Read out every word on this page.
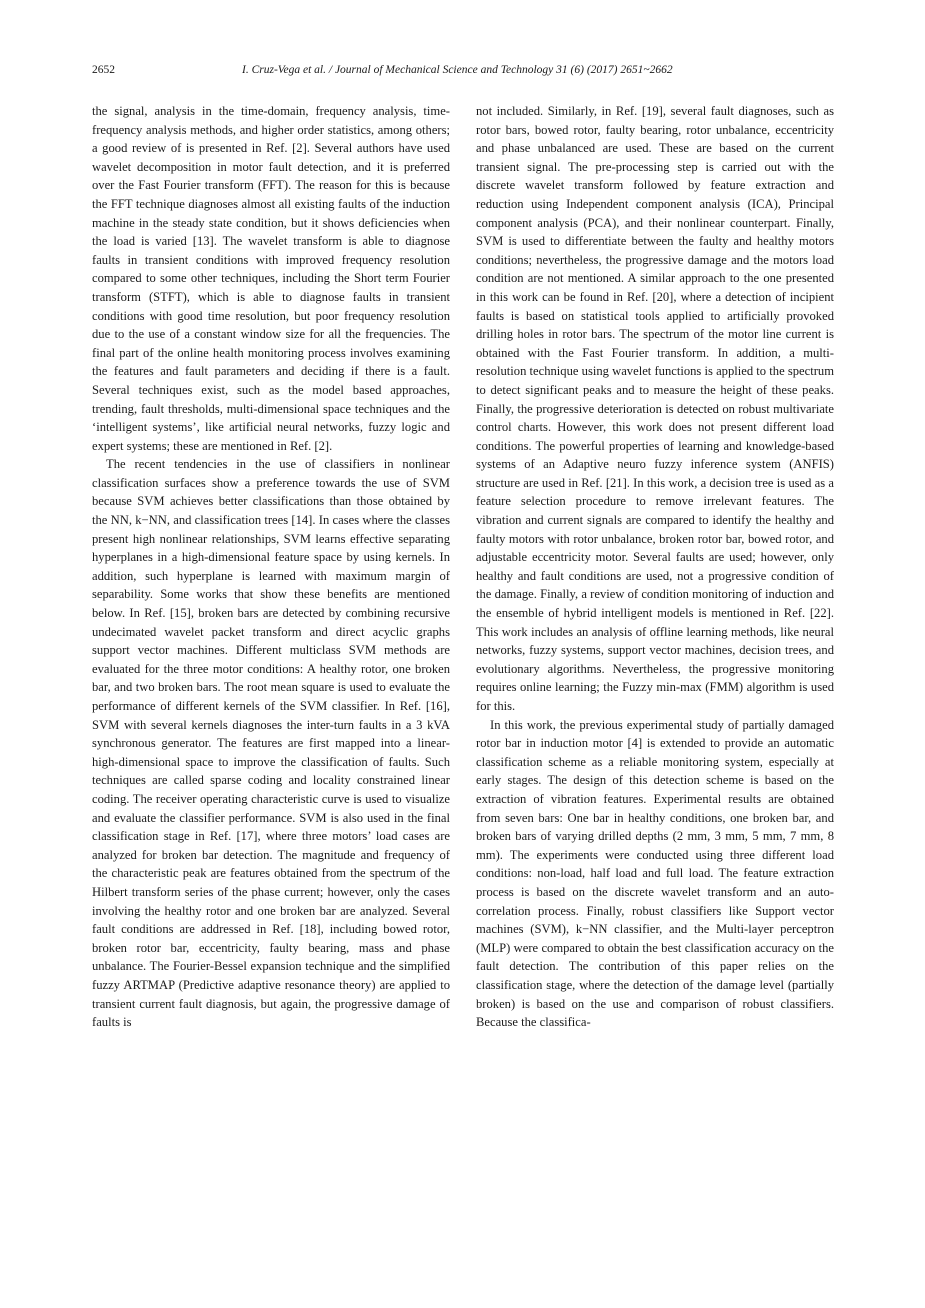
2652	I. Cruz-Vega et al. / Journal of Mechanical Science and Technology 31 (6) (2017) 2651~2662

the signal, analysis in the time-domain, frequency analysis, time-frequency analysis methods, and higher order statistics, among others; a good review of is presented in Ref. [2]. Several authors have used wavelet decomposition in motor fault detection, and it is preferred over the Fast Fourier transform (FFT). The reason for this is because the FFT technique diagnoses almost all existing faults of the induction machine in the steady state condition, but it shows deficiencies when the load is varied [13]. The wavelet transform is able to diagnose faults in transient conditions with improved frequency resolution compared to some other techniques, including the Short term Fourier transform (STFT), which is able to diagnose faults in transient conditions with good time resolution, but poor frequency resolution due to the use of a constant window size for all the frequencies. The final part of the online health monitoring process involves examining the features and fault parameters and deciding if there is a fault. Several techniques exist, such as the model based approaches, trending, fault thresholds, multi-dimensional space techniques and the ‘intelligent systems’, like artificial neural networks, fuzzy logic and expert systems; these are mentioned in Ref. [2].

The recent tendencies in the use of classifiers in nonlinear classification surfaces show a preference towards the use of SVM because SVM achieves better classifications than those obtained by the NN, k−NN, and classification trees [14]. In cases where the classes present high nonlinear relationships, SVM learns effective separating hyperplanes in a high-dimensional feature space by using kernels. In addition, such hyperplane is learned with maximum margin of separability. Some works that show these benefits are mentioned below. In Ref. [15], broken bars are detected by combining recursive undecimated wavelet packet transform and direct acyclic graphs support vector machines. Different multiclass SVM methods are evaluated for the three motor conditions: A healthy rotor, one broken bar, and two broken bars. The root mean square is used to evaluate the performance of different kernels of the SVM classifier. In Ref. [16], SVM with several kernels diagnoses the inter-turn faults in a 3 kVA synchronous generator. The features are first mapped into a linear-high-dimensional space to improve the classification of faults. Such techniques are called sparse coding and locality constrained linear coding. The receiver operating characteristic curve is used to visualize and evaluate the classifier performance. SVM is also used in the final classification stage in Ref. [17], where three motors’ load cases are analyzed for broken bar detection. The magnitude and frequency of the characteristic peak are features obtained from the spectrum of the Hilbert transform series of the phase current; however, only the cases involving the healthy rotor and one broken bar are analyzed. Several fault conditions are addressed in Ref. [18], including bowed rotor, broken rotor bar, eccentricity, faulty bearing, mass and phase unbalance. The Fourier-Bessel expansion technique and the simplified fuzzy ARTMAP (Predictive adaptive resonance theory) are applied to transient current fault diagnosis, but again, the progressive damage of faults is

not included. Similarly, in Ref. [19], several fault diagnoses, such as rotor bars, bowed rotor, faulty bearing, rotor unbalance, eccentricity and phase unbalanced are used. These are based on the current transient signal. The pre-processing step is carried out with the discrete wavelet transform followed by feature extraction and reduction using Independent component analysis (ICA), Principal component analysis (PCA), and their nonlinear counterpart. Finally, SVM is used to differentiate between the faulty and healthy motors conditions; nevertheless, the progressive damage and the motors load condition are not mentioned. A similar approach to the one presented in this work can be found in Ref. [20], where a detection of incipient faults is based on statistical tools applied to artificially provoked drilling holes in rotor bars. The spectrum of the motor line current is obtained with the Fast Fourier transform. In addition, a multi-resolution technique using wavelet functions is applied to the spectrum to detect significant peaks and to measure the height of these peaks. Finally, the progressive deterioration is detected on robust multivariate control charts. However, this work does not present different load conditions. The powerful properties of learning and knowledge-based systems of an Adaptive neuro fuzzy inference system (ANFIS) structure are used in Ref. [21]. In this work, a decision tree is used as a feature selection procedure to remove irrelevant features. The vibration and current signals are compared to identify the healthy and faulty motors with rotor unbalance, broken rotor bar, bowed rotor, and adjustable eccentricity motor. Several faults are used; however, only healthy and fault conditions are used, not a progressive condition of the damage. Finally, a review of condition monitoring of induction and the ensemble of hybrid intelligent models is mentioned in Ref. [22]. This work includes an analysis of offline learning methods, like neural networks, fuzzy systems, support vector machines, decision trees, and evolutionary algorithms. Nevertheless, the progressive monitoring requires online learning; the Fuzzy min-max (FMM) algorithm is used for this.

In this work, the previous experimental study of partially damaged rotor bar in induction motor [4] is extended to provide an automatic classification scheme as a reliable monitoring system, especially at early stages. The design of this detection scheme is based on the extraction of vibration features. Experimental results are obtained from seven bars: One bar in healthy conditions, one broken bar, and broken bars of varying drilled depths (2 mm, 3 mm, 5 mm, 7 mm, 8 mm). The experiments were conducted using three different load conditions: non-load, half load and full load. The feature extraction process is based on the discrete wavelet transform and an auto-correlation process. Finally, robust classifiers like Support vector machines (SVM), k−NN classifier, and the Multi-layer perceptron (MLP) were compared to obtain the best classification accuracy on the fault detection. The contribution of this paper relies on the classification stage, where the detection of the damage level (partially broken) is based on the use and comparison of robust classifiers. Because the classifica-
